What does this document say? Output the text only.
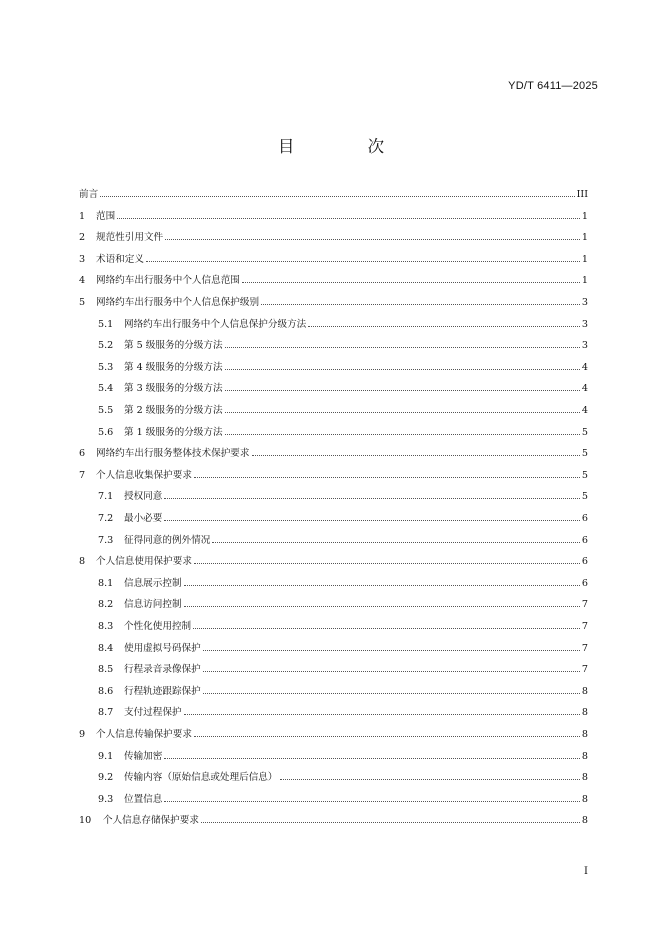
YD/T 6411—2025
目 次
前言	III
1	范围	1
2	规范性引用文件	1
3	术语和定义	1
4	网络约车出行服务中个人信息范围	1
5	网络约车出行服务中个人信息保护级别	3
5.1	网络约车出行服务中个人信息保护分级方法	3
5.2	第 5 级服务的分级方法	3
5.3	第 4 级服务的分级方法	4
5.4	第 3 级服务的分级方法	4
5.5	第 2 级服务的分级方法	4
5.6	第 1 级服务的分级方法	5
6	网络约车出行服务整体技术保护要求	5
7	个人信息收集保护要求	5
7.1	授权同意	5
7.2	最小必要	6
7.3	征得同意的例外情况	6
8	个人信息使用保护要求	6
8.1	信息展示控制	6
8.2	信息访问控制	7
8.3	个性化使用控制	7
8.4	使用虚拟号码保护	7
8.5	行程录音录像保护	7
8.6	行程轨迹跟踪保护	8
8.7	支付过程保护	8
9	个人信息传输保护要求	8
9.1	传输加密	8
9.2	传输内容（原始信息或处理后信息）	8
9.3	位置信息	8
10	个人信息存储保护要求	8
I
